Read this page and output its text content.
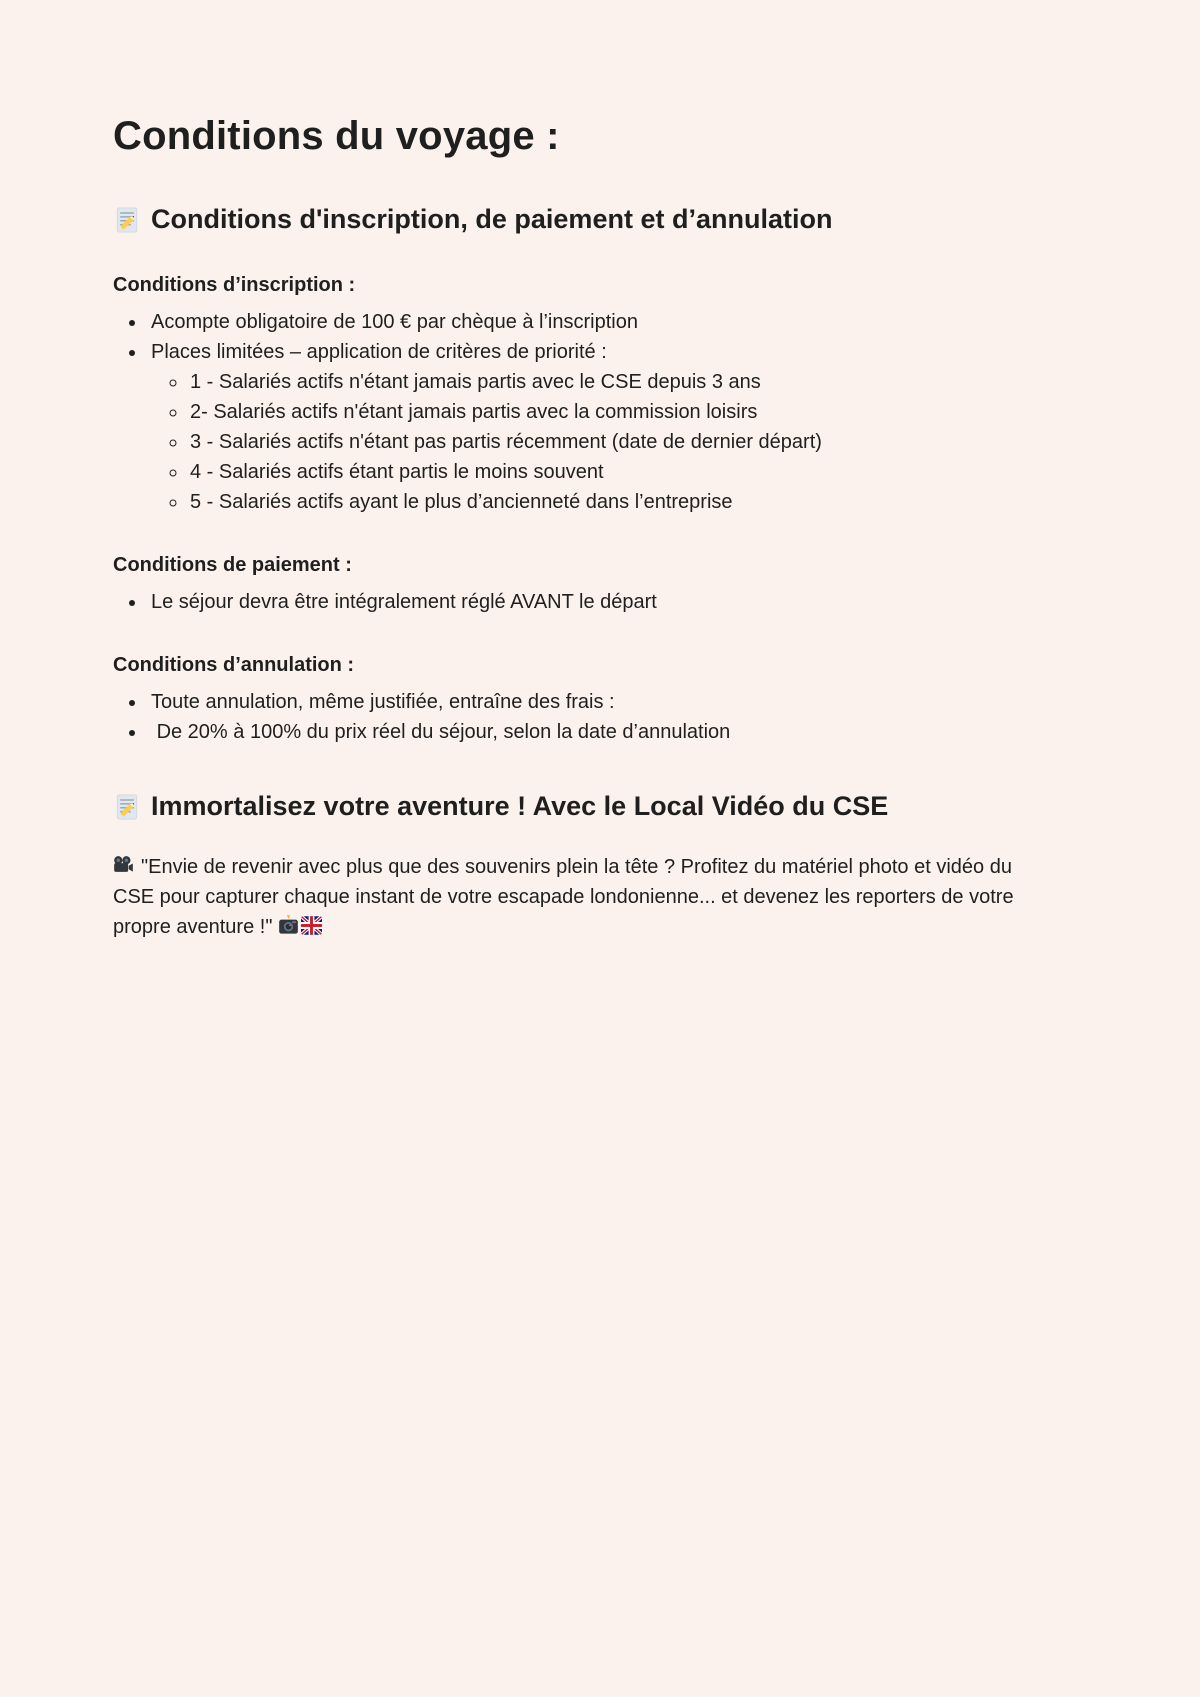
Conditions du voyage :
Conditions d'inscription, de paiement et d’annulation
Conditions d’inscription :
• Acompte obligatoire de 100 € par chèque à l’inscription
• Places limitées – application de critères de priorité :
◦ 1 - Salariés actifs n'étant jamais partis avec le CSE depuis 3 ans
◦ 2- Salariés actifs n'étant jamais partis avec la commission loisirs
◦ 3 - Salariés actifs n'étant pas partis récemment (date de dernier départ)
◦ 4 - Salariés actifs étant partis le moins souvent
◦ 5 - Salariés actifs ayant le plus d’ancienneté dans l’entreprise
Conditions de paiement :
• Le séjour devra être intégralement réglé AVANT le départ
Conditions d’annulation :
• Toute annulation, même justifiée, entraîne des frais :
•  De 20% à 100% du prix réel du séjour, selon la date d’annulation
Immortalisez votre aventure ! Avec le Local Vidéo du CSE

"Envie de revenir avec plus que des souvenirs plein la tête ? Profitez du matériel photo et vidéo du CSE pour capturer chaque instant de votre escapade londonienne... et devenez les reporters de votre propre aventure !"
